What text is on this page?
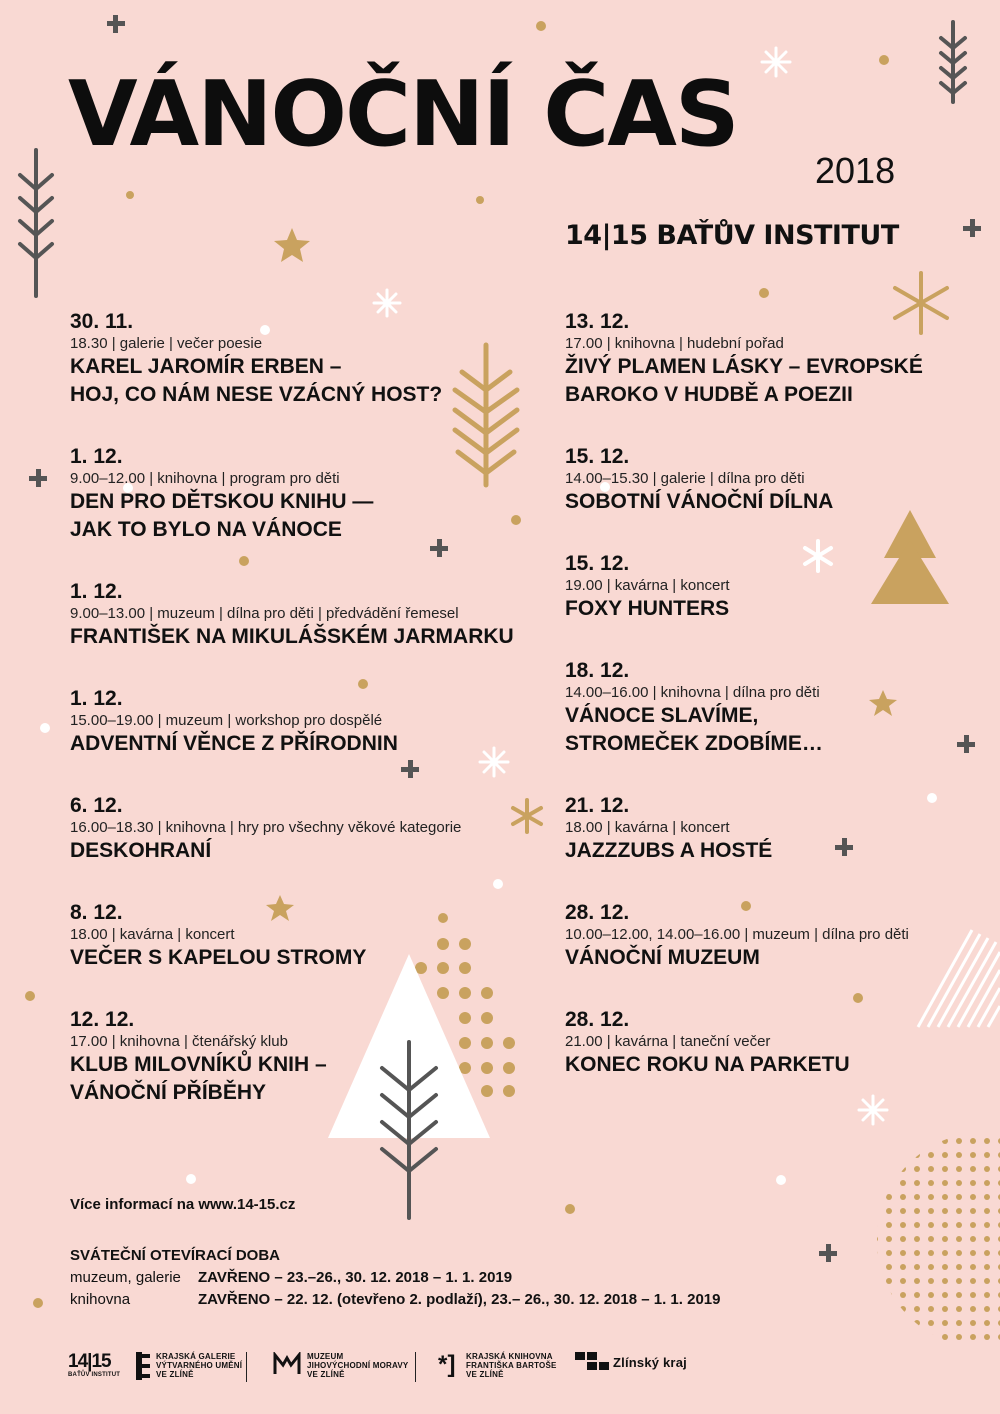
VÁNOČNÍ ČAS
2018
14|15 BAŤŮV INSTITUT
30. 11.
18.30 | galerie | večer poesie
KAREL JAROMÍR ERBEN –
HOJ, CO NÁM NESE VZÁCNÝ HOST?
1. 12.
9.00–12.00 | knihovna | program pro děti
DEN PRO DĚTSKOU KNIHU —
JAK TO BYLO NA VÁNOCE
1. 12.
9.00–13.00 | muzeum | dílna pro děti | předvádění řemesel
FRANTIŠEK NA MIKULÁŠSKÉM JARMARKU
1. 12.
15.00–19.00 | muzeum | workshop pro dospělé
ADVENTNÍ VĚNCE Z PŘÍRODNIN
6. 12.
16.00–18.30 | knihovna | hry pro všechny věkové kategorie
DESKOHRANÍ
8. 12.
18.00 | kavárna | koncert
VEČER S KAPELOU STROMY
12. 12.
17.00 | knihovna | čtenářský klub
KLUB MILOVNÍKŮ KNIH –
VÁNOČNÍ PŘÍBĚHY
13. 12.
17.00 | knihovna | hudební pořad
ŽIVÝ PLAMEN LÁSKY – EVROPSKÉ
BAROKO V HUDBĚ A POEZII
15. 12.
14.00–15.30 | galerie | dílna pro děti
SOBOTNÍ VÁNOČNÍ DÍLNA
15. 12.
19.00 | kavárna | koncert
FOXY HUNTERS
18. 12.
14.00–16.00 | knihovna | dílna pro děti
VÁNOCE SLAVÍME,
STROMEČEK ZDOBÍME…
21. 12.
18.00 | kavárna | koncert
JAZZZUBS A HOSTÉ
28. 12.
10.00–12.00, 14.00–16.00 | muzeum | dílna pro děti
VÁNOČNÍ MUZEUM
28. 12.
21.00 | kavárna | taneční večer
KONEC ROKU NA PARKETU
Více informací na www.14-15.cz
SVÁTEČNÍ OTEVÍRACÍ DOBA
muzeum, galerie	ZAVŘENO – 23.–26., 30. 12. 2018 – 1. 1. 2019
knihovna	ZAVŘENO – 22. 12. (otevřeno 2. podlaží), 23.– 26., 30. 12. 2018 – 1. 1. 2019
14|15
BAŤŮV INSTITUT
KRAJSKÁ GALERIE
VÝTVARNÉHO UMĚNÍ
VE ZLÍNĚ
MUZEUM
JIHOVÝCHODNÍ MORAVY
VE ZLÍNĚ	*] KRAJSKÁ KNIHOVNA
FRANTIŠKA BARTOŠE
VE ZLÍNĚ
Zlínský kraj
